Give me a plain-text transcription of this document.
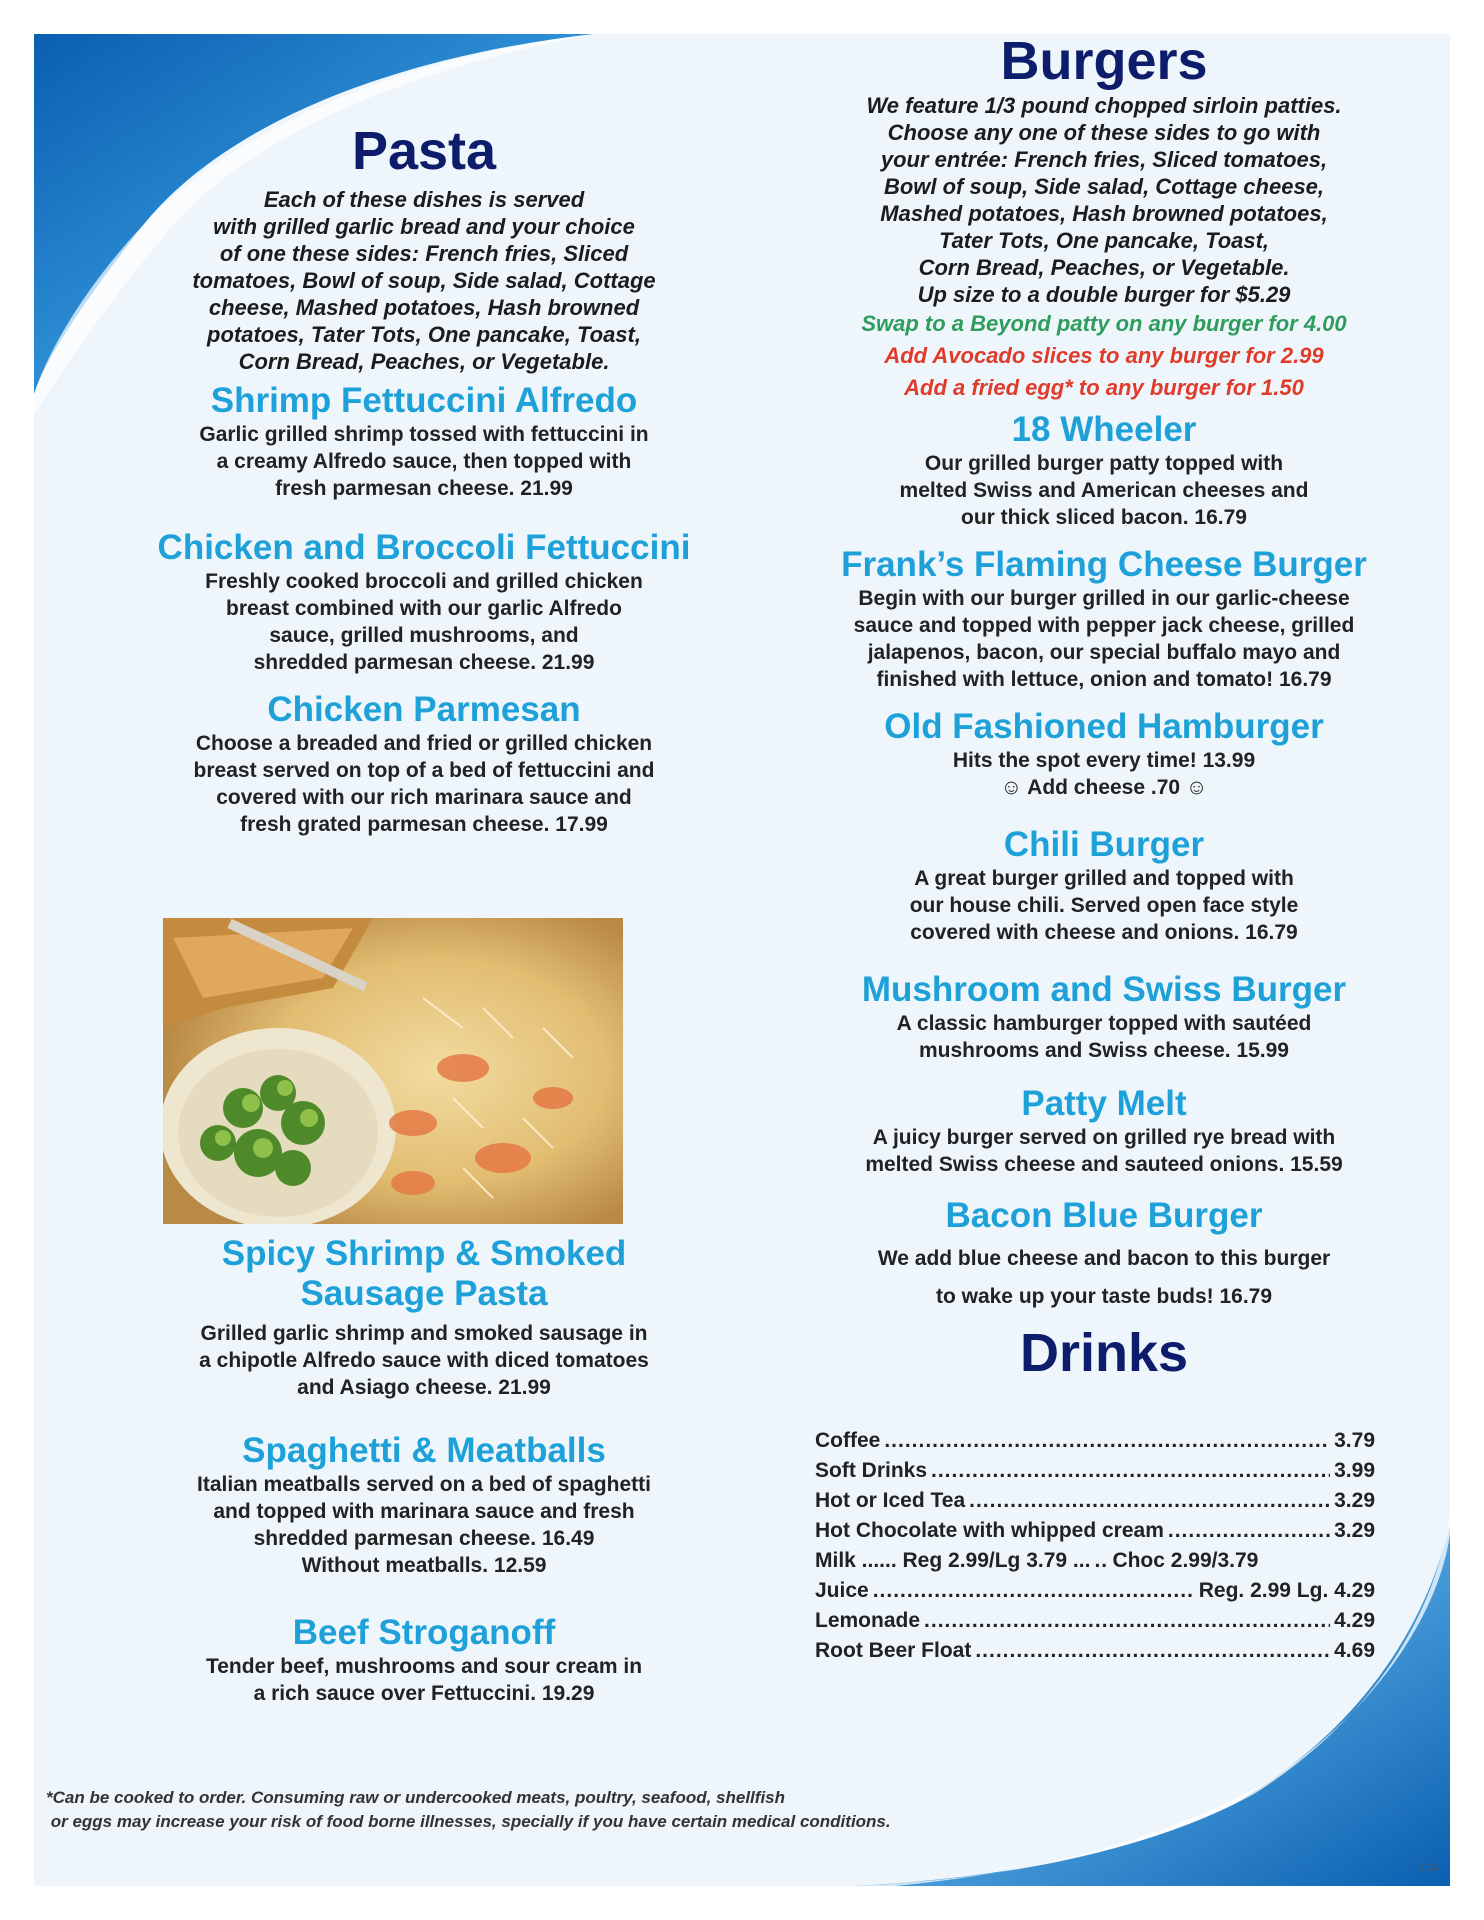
Pasta

Each of these dishes is served

with grilled garlic bread and your choice

of one these sides: French fries, Sliced

tomatoes, Bowl of soup, Side salad, Cottage

cheese, Mashed potatoes, Hash browned

potatoes, Tater Tots, One pancake, Toast,

Corn Bread, Peaches, or Vegetable.

Shrimp Fettuccini Alfredo

Garlic grilled shrimp tossed with fettuccini in

a creamy Alfredo sauce, then topped with

fresh parmesan cheese. 21.99

Chicken and Broccoli Fettuccini

Freshly cooked broccoli and grilled chicken

breast combined with our garlic Alfredo

sauce, grilled mushrooms, and

shredded parmesan cheese. 21.99

Chicken Parmesan

Choose a breaded and fried or grilled chicken

breast served on top of a bed of fettuccini and

covered with our rich marinara sauce and

fresh grated parmesan cheese. 17.99

Spicy Shrimp & Smoked
Sausage Pasta

Grilled garlic shrimp and smoked sausage in

a chipotle Alfredo sauce with diced tomatoes

and Asiago cheese. 21.99

Spaghetti & Meatballs

Italian meatballs served on a bed of spaghetti

and topped with marinara sauce and fresh

shredded parmesan cheese. 16.49

Without meatballs. 12.59

Beef Stroganoff

Tender beef, mushrooms and sour cream in

a rich sauce over Fettuccini. 19.29

Burgers

We feature 1/3 pound chopped sirloin patties.

Choose any one of these sides to go with

your entrée: French fries, Sliced tomatoes,

Bowl of soup, Side salad, Cottage cheese,

Mashed potatoes, Hash browned potatoes,

Tater Tots, One pancake, Toast,

Corn Bread, Peaches, or Vegetable.

Up size to a double burger for $5.29

Swap to a Beyond patty on any burger for 4.00
Add Avocado slices to any burger for 2.99
Add a fried egg* to any burger for 1.50
18 Wheeler

Our grilled burger patty topped with

melted Swiss and American cheeses and

our thick sliced bacon. 16.79

Frank’s Flaming Cheese Burger

Begin with our burger grilled in our garlic-cheese

sauce and topped with pepper jack cheese, grilled

jalapenos, bacon, our special buffalo mayo and

finished with lettuce, onion and tomato! 16.79

Old Fashioned Hamburger

Hits the spot every time! 13.99

☺ Add cheese .70 ☺

Chili Burger

A great burger grilled and topped with

our house chili. Served open face style

covered with cheese and onions. 16.79

Mushroom and Swiss Burger

A classic hamburger topped with sautéed

mushrooms and Swiss cheese. 15.99

Patty Melt

A juicy burger served on grilled rye bread with

melted Swiss cheese and sauteed onions. 15.59

Bacon Blue Burger

We add blue cheese and bacon to this burger

to wake up your taste buds! 16.79

Drinks
Coffee .....	3.79
Soft Drinks .....	3.99
Hot or Iced Tea .....	3.29
Hot Chocolate with whipped cream .....	3.29
Milk ...... Reg 2.99/Lg 3.79 ... ..... Choc 2.99/3.79
Juice .....	Reg. 2.99 Lg. 4.29
Lemonade .....	4.29
Root Beer Float .....	4.69
*Can be cooked to order. Consuming raw or undercooked meats, poultry, seafood, shellfish
or eggs may increase your risk of food borne illnesses, specially if you have certain medical conditions.
1.24
